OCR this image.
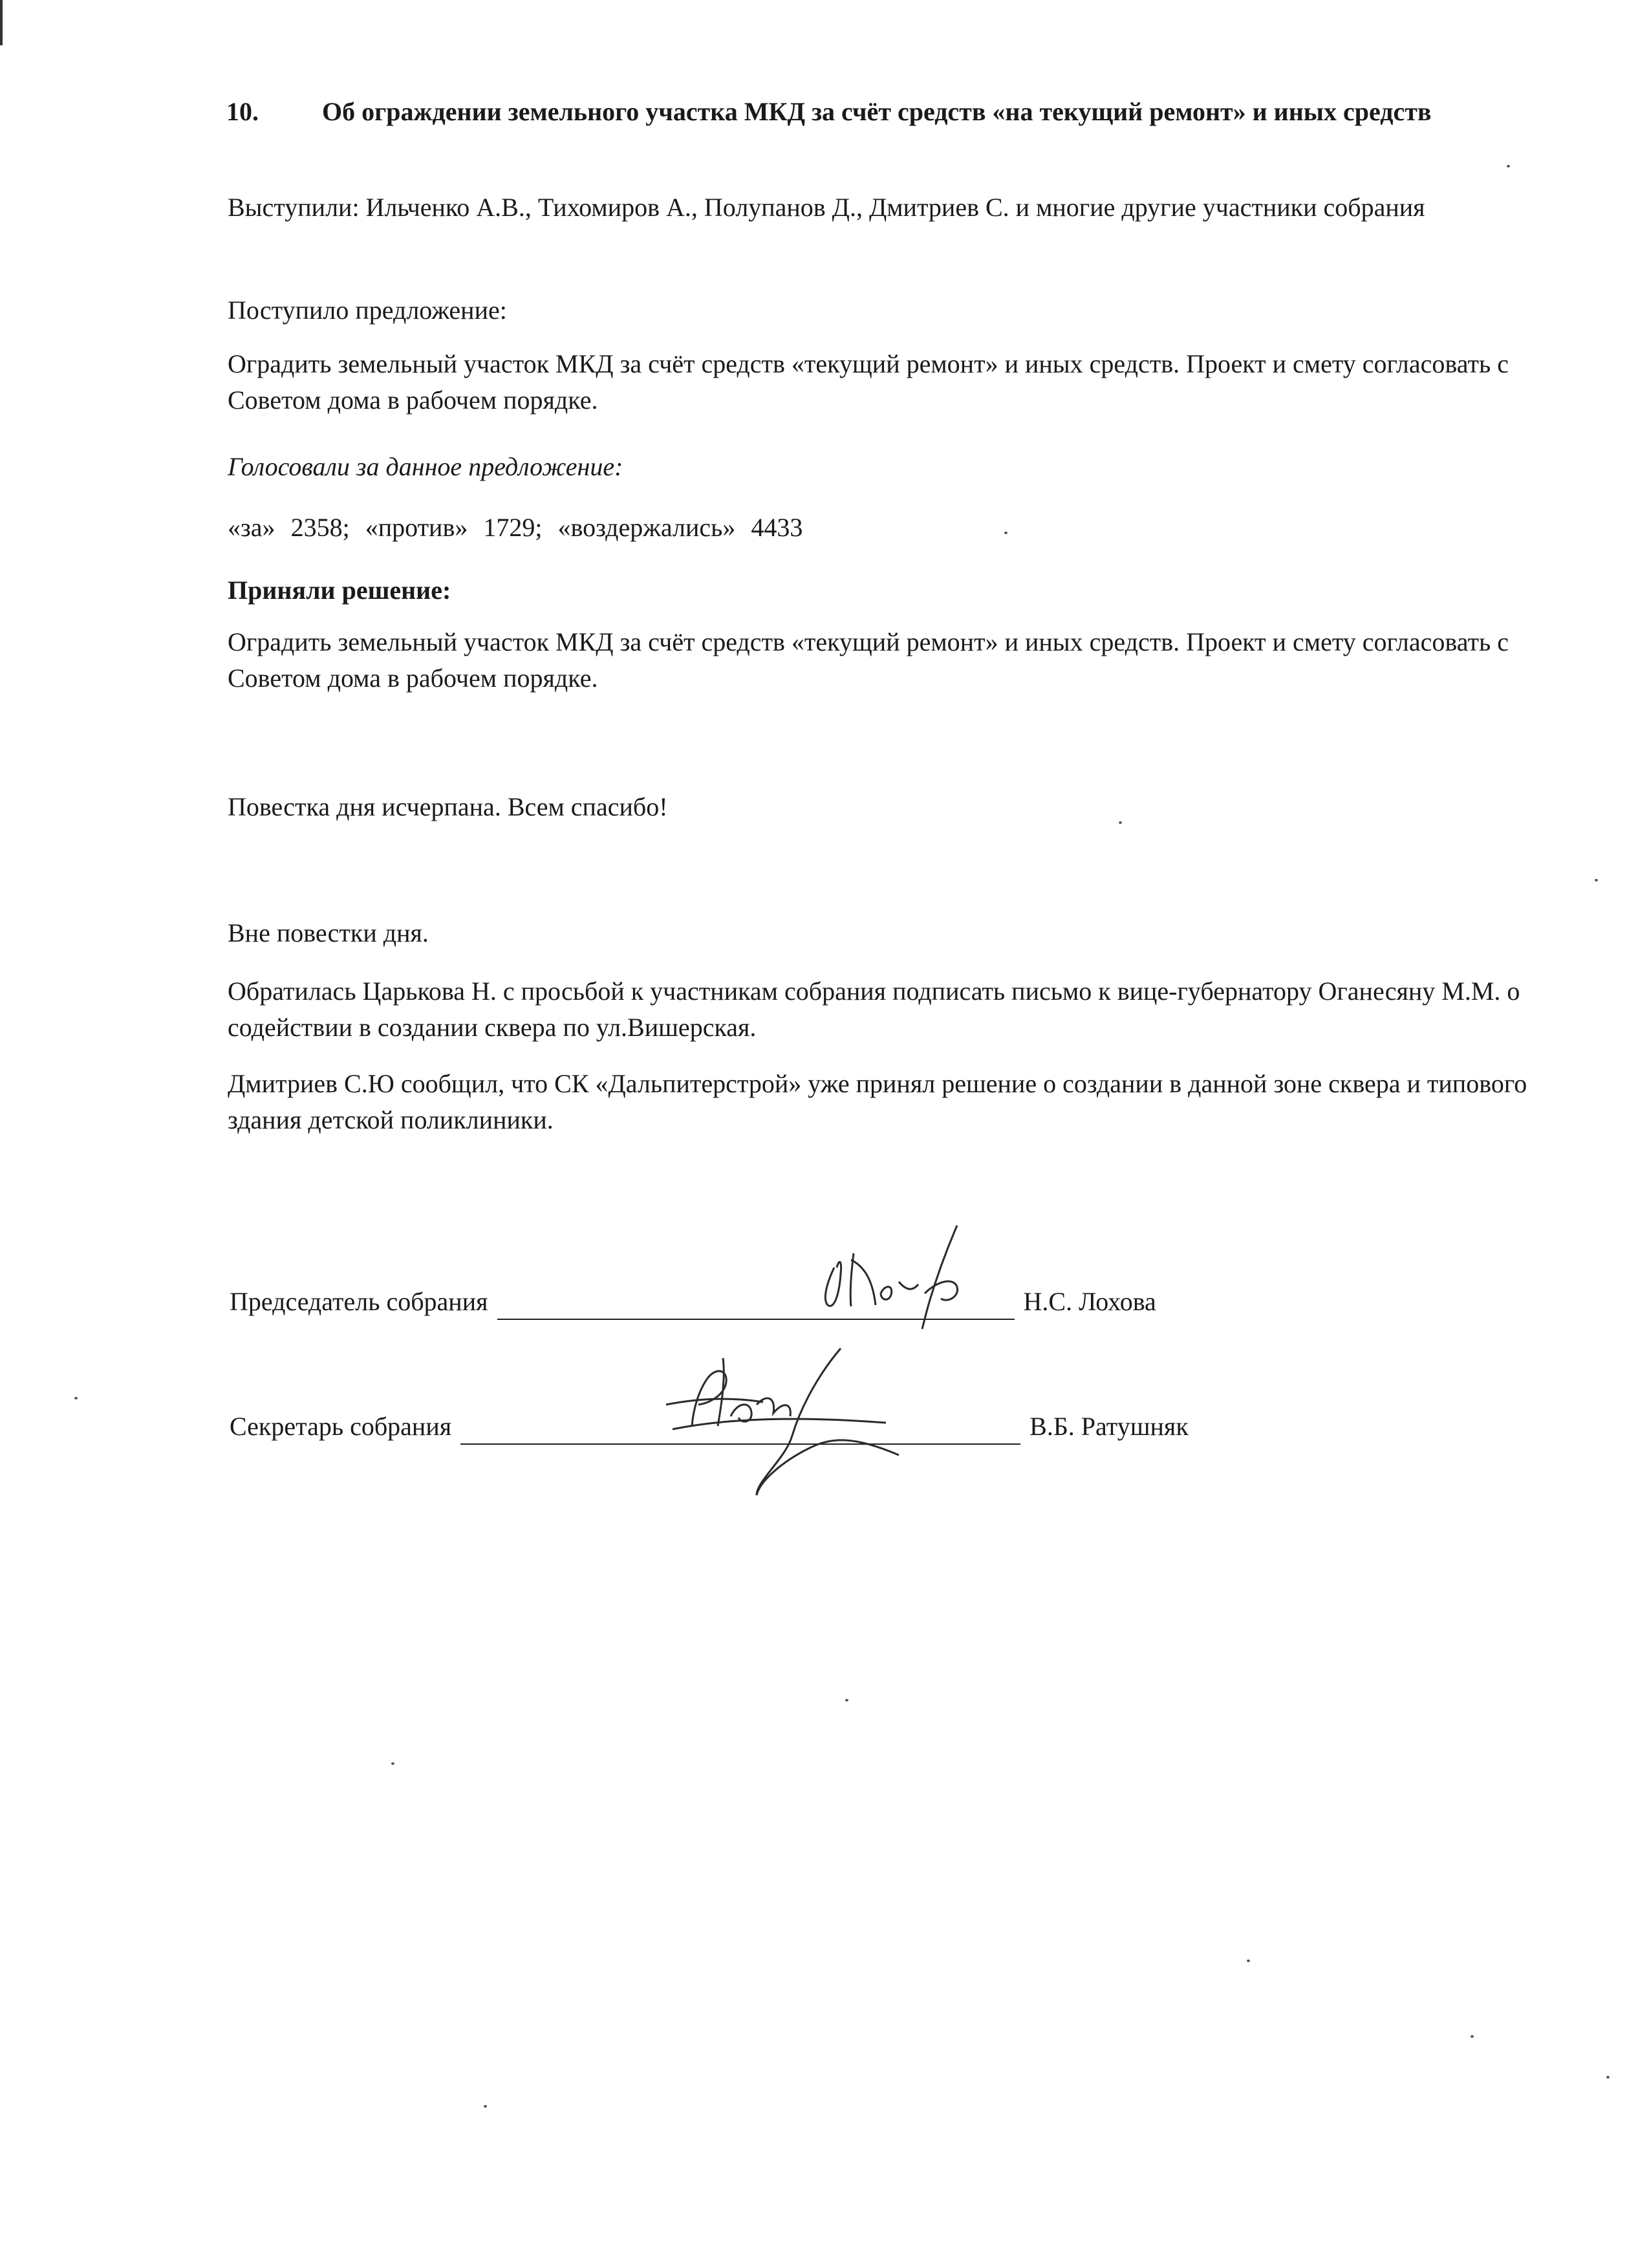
10.	Об ограждении земельного участка МКД за счёт средств «на текущий ремонт» и иных средств
Выступили: Ильченко А.В., Тихомиров А., Полупанов Д., Дмитриев С. и многие другие участники собрания
Поступило предложение:
Оградить земельный участок МКД за счёт средств «текущий ремонт» и иных средств. Проект и смету согласовать с Советом дома в рабочем порядке.
Голосовали за данное предложение:
«за» 2358; «против» 1729; «воздержались» 4433
Приняли решение:
Оградить земельный участок МКД за счёт средств «текущий ремонт» и иных средств. Проект и смету согласовать с Советом дома в рабочем порядке.
Повестка дня исчерпана. Всем спасибо!
Вне повестки дня.
Обратилась Царькова Н. с просьбой к участникам собрания подписать письмо к вице-губернатору Оганесяну М.М. о содействии в создании сквера по ул.Вишерская.
Дмитриев С.Ю сообщил, что СК «Дальпитерстрой» уже принял решение о создании в данной зоне сквера и типового здания детской поликлиники.
Председатель собрания	Н.С. Лохова
Секретарь собрания	В.Б. Ратушняк
